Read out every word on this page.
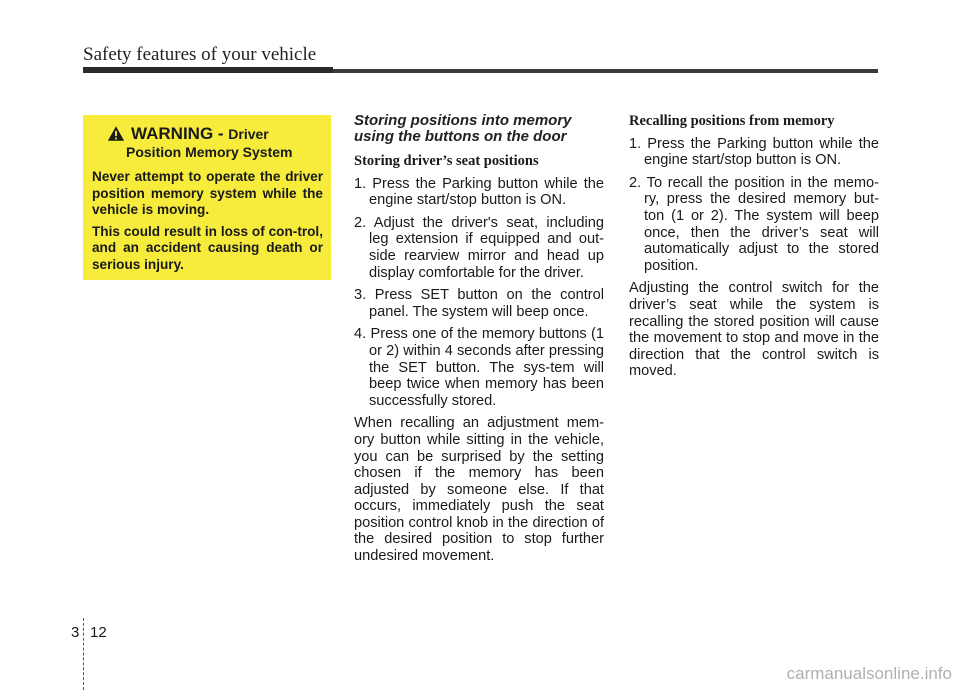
Safety features of your vehicle
WARNING - Driver
Position Memory System

Never attempt to operate the driver position memory system while the vehicle is moving.

This could result in loss of con-trol, and an accident causing death or serious injury.

Storing positions into memory using the buttons on the door
Storing driver’s seat positions

1. Press the Parking button while the engine start/stop button is ON.

2. Adjust the driver's seat, including leg extension if equipped and out-side rearview mirror and head up display comfortable for the driver.

3. Press SET button on the control panel. The system will beep once.

4. Press one of the memory buttons (1 or 2) within 4 seconds after pressing the SET button. The sys-tem will beep twice when memory has been successfully stored.

When recalling an adjustment mem-ory button while sitting in the vehicle, you can be surprised by the setting chosen if the memory has been adjusted by someone else. If that occurs, immediately push the seat position control knob in the direction of the desired position to stop further undesired movement.

Recalling positions from memory

1. Press the Parking button while the engine start/stop button is ON.

2. To recall the position in the memo-ry, press the desired memory but-ton (1 or 2). The system will beep once, then the driver’s seat will automatically adjust to the stored position.

Adjusting the control switch for the driver’s seat while the system is recalling the stored position will cause the movement to stop and move in the direction that the control switch is moved.

3 12
carmanualsonline.info
